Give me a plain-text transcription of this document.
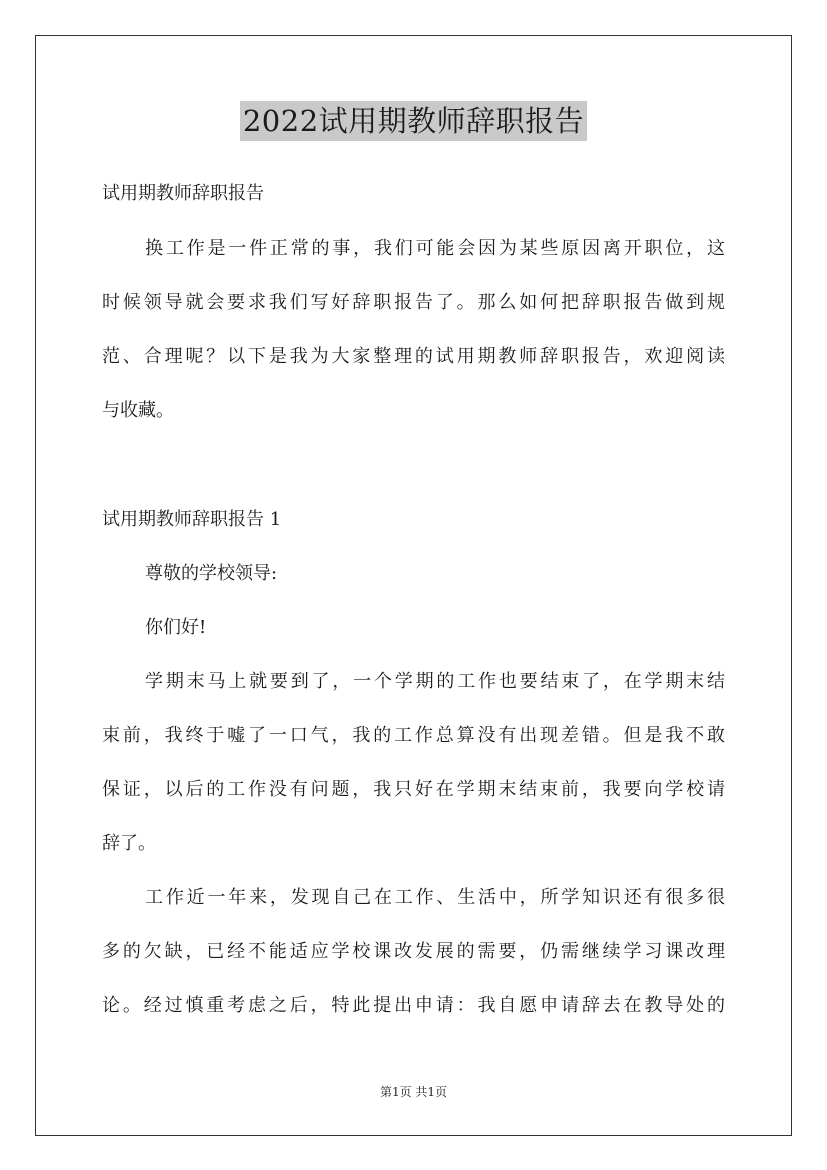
2022试用期教师辞职报告

试用期教师辞职报告

换工作是一件正常的事，我们可能会因为某些原因离开职位，这

时候领导就会要求我们写好辞职报告了。那么如何把辞职报告做到规

范、合理呢？以下是我为大家整理的试用期教师辞职报告，欢迎阅读

与收藏。

试用期教师辞职报告 1

尊敬的学校领导:

你们好!

学期末马上就要到了，一个学期的工作也要结束了，在学期末结

束前，我终于嘘了一口气，我的工作总算没有出现差错。但是我不敢

保证，以后的工作没有问题，我只好在学期末结束前，我要向学校请

辞了。

工作近一年来，发现自己在工作、生活中，所学知识还有很多很

多的欠缺，已经不能适应学校课改发展的需要，仍需继续学习课改理

论。经过慎重考虑之后，特此提出申请：我自愿申请辞去在教导处的

第1页 共1页
